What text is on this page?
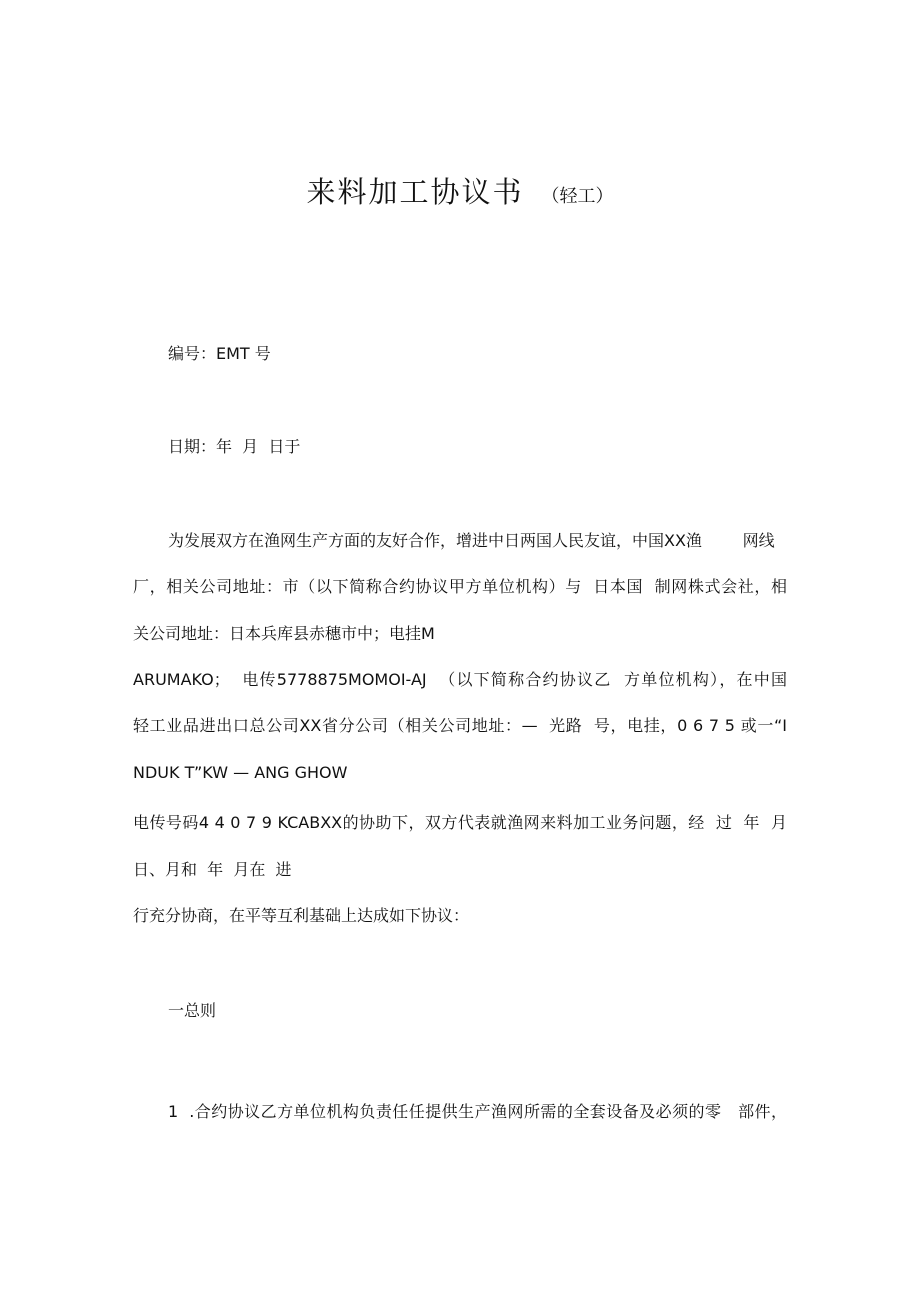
来料加工协议书 （轻工）
编号：EMT 号
日期：年  月  日于
为发展双方在渔网生产方面的友好合作，增进中日两国人民友谊，中国XX渔        网线
厂，相关公司地址：市（以下简称合约协议甲方单位机构）与  日本国  制网株式会社，相
关公司地址：日本兵库县赤穗市中；电挂M
ARUMAKO；  电传5778875MOMOI-AJ  （以下简称合约协议乙  方单位机构），在中国
轻工业品进出口总公司XX省分公司（相关公司地址：—  光路  号，电挂，0 6 7 5 或一“I
NDUK T”KW — ANG GHOW
电传号码4 4 0 7 9 KCABXX的协助下，双方代表就渔网来料加工业务问题，经  过  年  月
日、月和  年  月在  进
行充分协商，在平等互利基础上达成如下协议：
一总则
1  .合约协议乙方单位机构负责任任提供生产渔网所需的全套设备及必须的零   部件，
